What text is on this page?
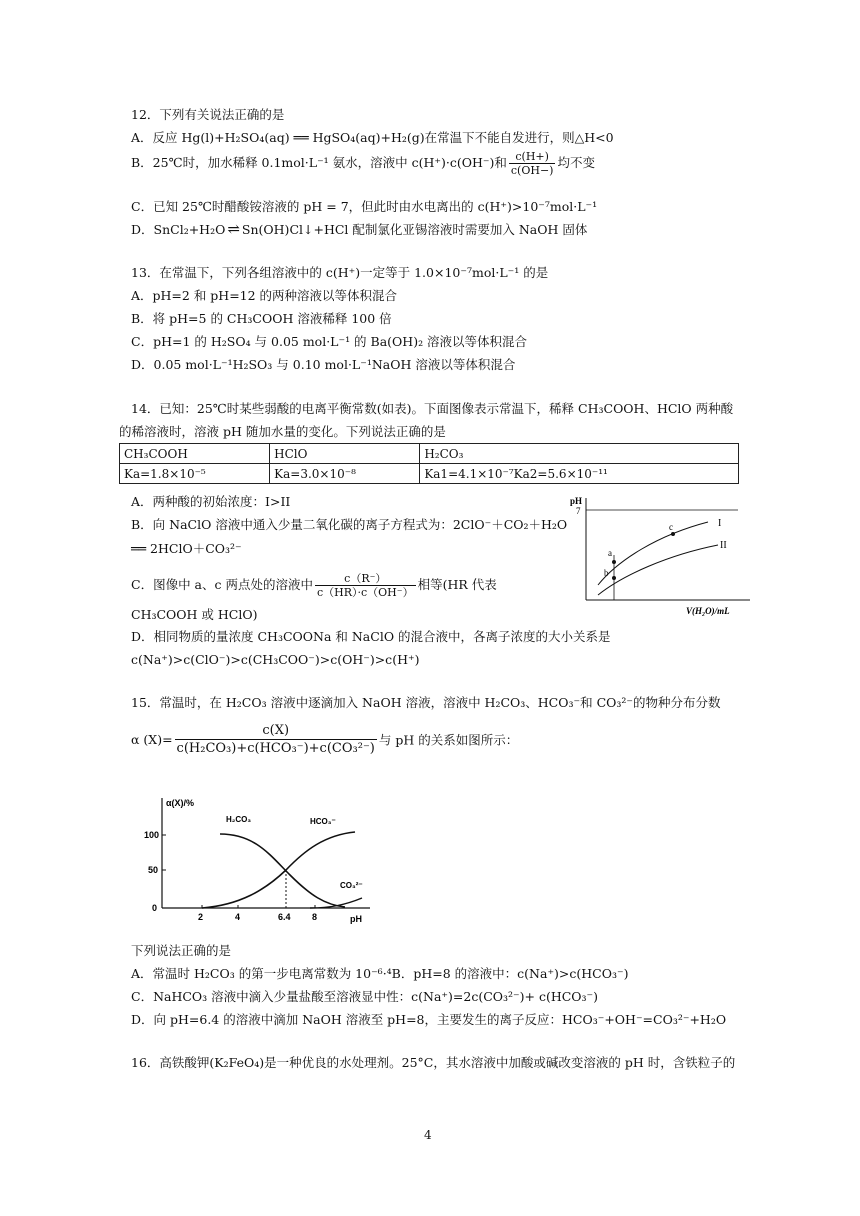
12．下列有关说法正确的是
A．反应 Hg(l)+H₂SO₄(aq) ══ HgSO₄(aq)+H₂(g)在常温下不能自发进行，则△H<0
B．25℃时，加水稀释 0.1mol·L⁻¹ 氨水，溶液中 c(H⁺)·c(OH⁻)和 $\frac{c(H+)}{c(OH-)}$ 均不变
C．已知 25℃时醋酸铵溶液的 pH = 7，但此时由水电离出的 c(H⁺)>10⁻⁷mol·L⁻¹
D．SnCl₂+H₂O ⇌ Sn(OH)Cl↓+HCl 配制氯化亚锡溶液时需要加入 NaOH 固体
13．在常温下，下列各组溶液中的 c(H⁺)一定等于 1.0×10⁻⁷mol·L⁻¹ 的是
A．pH=2 和 pH=12 的两种溶液以等体积混合
B．将 pH=5 的 CH₃COOH 溶液稀释 100 倍
C．pH=1 的 H₂SO₄ 与 0.05 mol·L⁻¹ 的 Ba(OH)₂ 溶液以等体积混合
D．0.05 mol·L⁻¹H₂SO₃ 与 0.10 mol·L⁻¹NaOH 溶液以等体积混合
14．已知：25℃时某些弱酸的电离平衡常数(如表)。下面图像表示常温下，稀释 CH₃COOH、HClO 两种酸
的稀溶液时，溶液 pH 随加水量的变化。下列说法正确的是
CH₃COOH	HClO	H₂CO₃
Ka=1.8×10⁻⁵	Ka=3.0×10⁻⁸	Ka1=4.1×10⁻⁷Ka2=5.6×10⁻¹¹
A．两种酸的初始浓度：I>II
B．向 NaClO 溶液中通入少量二氧化碳的离子方程式为：2ClO⁻＋CO₂＋H₂O
══ 2HClO＋CO₃²⁻
C．图像中 a、c 两点处的溶液中 $\frac{c(R^-)}{c(HR)\cdot c(OH^-)}$ 相等(HR 代表
CH₃COOH 或 HClO)
D．相同物质的量浓度 CH₃COONa 和 NaClO 的混合液中，各离子浓度的大小关系是
c(Na⁺)>c(ClO⁻)>c(CH₃COO⁻)>c(OH⁻)>c(H⁺)
pH
7
a
b
c	I
II
V(H₂O)/mL
15．常温时，在 H₂CO₃ 溶液中逐滴加入 NaOH 溶液，溶液中 H₂CO₃、HCO₃⁻和 CO₃²⁻的物种分布分数
α $(X)= \frac{c(X)}{\text{c(H₂CO₃)+c(HCO₃⁻)+c(CO₃²⁻)}}$ 与 pH 的关系如图所示：
α(X)/%
100
50
0
2	4	6.4 8	pH
H₂CO₃	HCO₃⁻
CO₃²⁻
下列说法正确的是
A．常温时 H₂CO₃ 的第一步电离常数为 10⁻⁶·⁴B．pH=8 的溶液中：c(Na⁺)>c(HCO₃⁻)
C．NaHCO₃ 溶液中滴入少量盐酸至溶液显中性：c(Na⁺)=2c(CO₃²⁻)+ c(HCO₃⁻)
D．向 pH=6.4 的溶液中滴加 NaOH 溶液至 pH=8，主要发生的离子反应：HCO₃⁻+OH⁻=CO₃²⁻+H₂O
16．高铁酸钾(K₂FeO₄)是一种优良的水处理剂。25°C，其水溶液中加酸或碱改变溶液的 pH 时，含铁粒子的
4
